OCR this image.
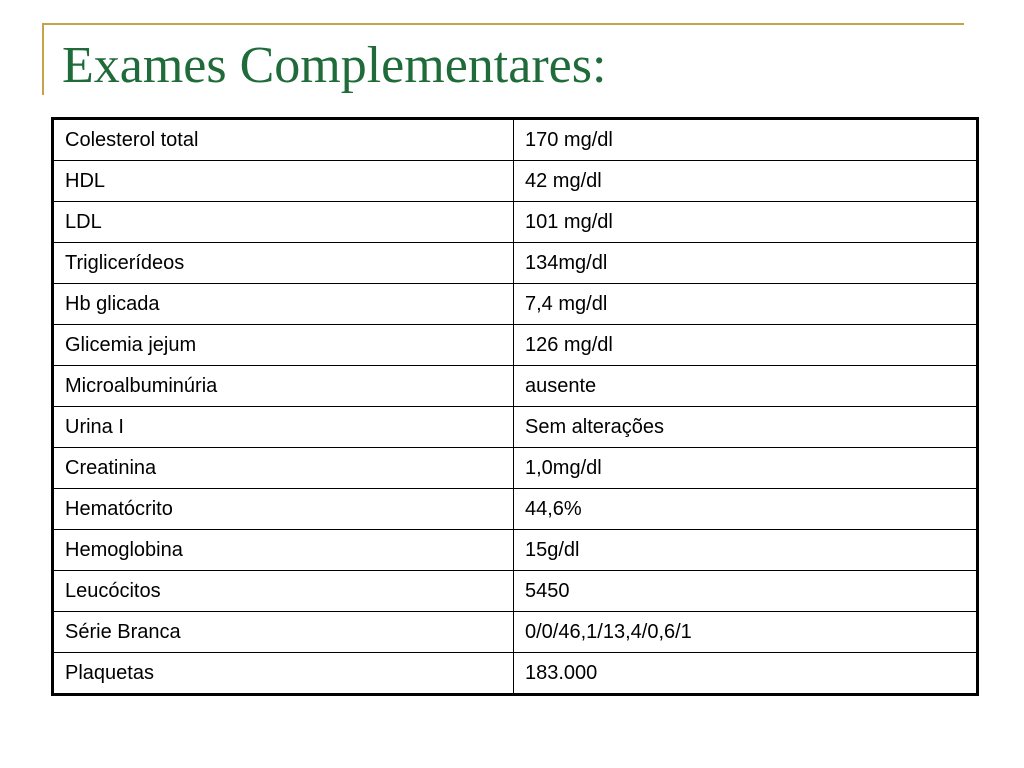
Exames Complementares:
Colesterol total	170 mg/dl
HDL	42 mg/dl
LDL	101 mg/dl
Triglicerídeos	134mg/dl
Hb glicada	7,4 mg/dl
Glicemia jejum	126 mg/dl
Microalbuminúria	ausente
Urina I	Sem alterações
Creatinina	1,0mg/dl
Hematócrito	44,6%
Hemoglobina	15g/dl
Leucócitos	5450
Série Branca	0/0/46,1/13,4/0,6/1
Plaquetas	183.000
